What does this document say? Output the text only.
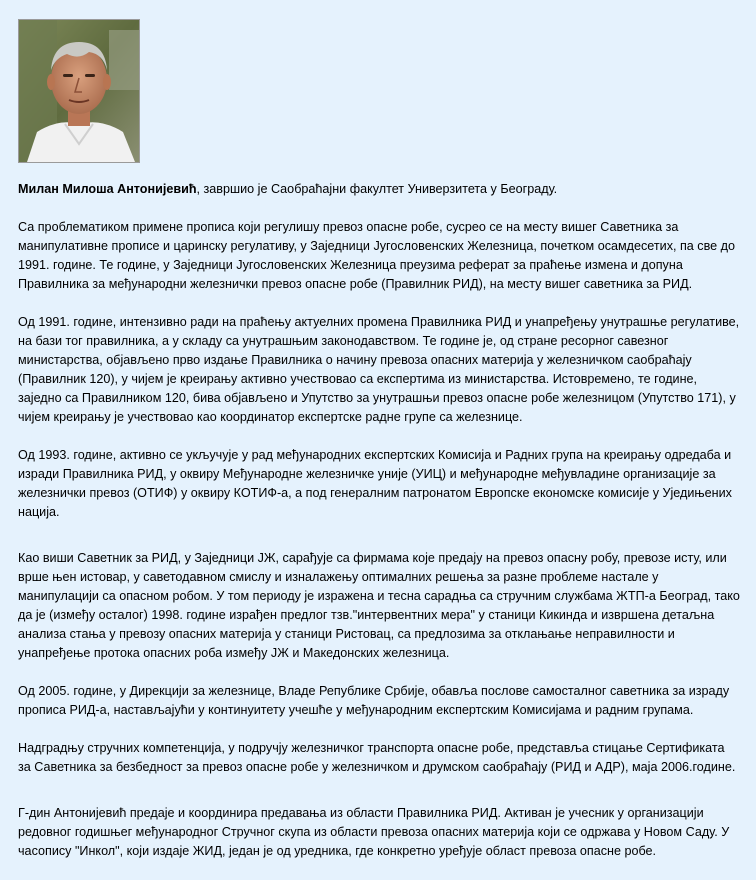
Милан Милоша Антонијевић, завршио је Саобраћајни факултет Универзитета у Београду.

Са проблематиком примене прописа који регулишу превоз опасне робе, сусрео се на месту вишег Саветника за манипулативне прописе и царинску регулативу, у Заједници Југословенских Железница, почетком осамдесетих, па све до 1991. године. Те године, у Заједници Југословенских Железница преузима реферат за праћење измена и допуна Правилника за међународни железнички превоз опасне робе (Правилник РИД), на месту вишег саветника за РИД.

Од 1991. године, интензивно ради на праћењу актуелних промена Правилника РИД и унапређењу унутрашње регулативе, на бази тог правилника, а у складу са унутрашњим законодавством. Те године је, од стране ресорног савезног министарства, објављено прво издање Правилника о начину превоза опасних материја у железничком саобраћају (Правилник 120), у чијем је креирању активно учествовао са експертима из министарства. Истовремено, те године, заједно са Правилником 120, бива објављено и Упутство за унутрашњи превоз опасне робе железницом (Упутство 171), у чијем креирању је учествовао као координатор експертске радне групе са железнице.

Од 1993. године, активно се укључује у рад међународних експертских Комисија и Радних група на креирању одредаба и изради Правилника РИД, у оквиру Међународне железничке уније (УИЦ) и међународне међувладине организације за железнички превоз (ОТИФ) у оквиру КОТИФ-а, а под генералним патронатом Европске економске комисије у Уједињених нација.

Као виши Саветник за РИД, у Заједници ЈЖ, сарађује са фирмама које предају на превоз опасну робу, превозе исту, или врше њен истовар, у саветодавном смислу и изналажењу оптималних решења за разне проблеме настале у манипулацији са опасном робом. У том периоду је изражена и тесна сарадња са стручним службама ЖТП-а Београд, тако да је (између осталог) 1998. године израђен предлог тзв."интервентних мера" у станици Кикинда и извршена детаљна анализа стања у превозу опасних материја у станици Ристовац, са предлозима за отклањање неправилности и унапређење протока опасних роба између ЈЖ и Македонских железница.

Од 2005. године, у Дирекцији за железнице, Владе Републике Србије, обавља послове самосталног саветника за израду прописа РИД-а, настављајући у континуитету учешће у међународним експертским Комисијама и радним групама.

Надградњу стручних компетенција, у подручју железничког транспорта опасне робе, представља стицање Сертификата за Саветника за безбедност за превоз опасне робе у железничком и друмском саобраћају (РИД и АДР), маја 2006.године.

Г-дин Антонијевић предаје и координира предавања из области Правилника РИД. Активан је учесник у организацији редовног годишњег међународног Стручног скупа из области превоза опасних материја који се одржава у Новом Саду. У часопису "Инкол", који издаје ЖИД, један је од уредника, где конкретно уређује област превоза опасне робе.
